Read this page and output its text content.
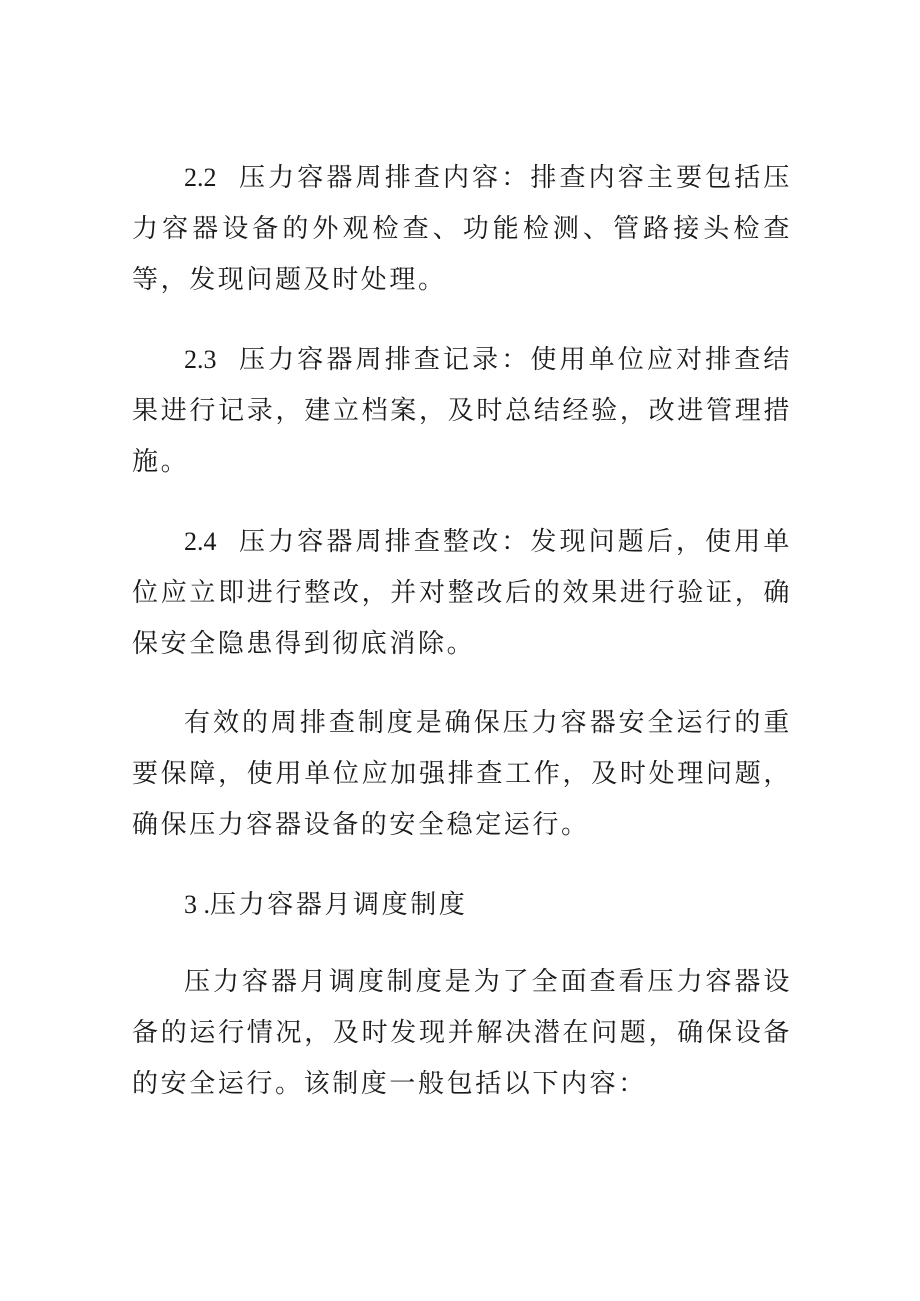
2.2 压力容器周排查内容：排查内容主要包括压力容器设备的外观检查、功能检测、管路接头检查等，发现问题及时处理。

2.3 压力容器周排查记录：使用单位应对排查结果进行记录，建立档案，及时总结经验，改进管理措施。

2.4 压力容器周排查整改：发现问题后，使用单位应立即进行整改，并对整改后的效果进行验证，确保安全隐患得到彻底消除。

有效的周排查制度是确保压力容器安全运行的重要保障，使用单位应加强排查工作，及时处理问题，确保压力容器设备的安全稳定运行。

3 .压力容器月调度制度

压力容器月调度制度是为了全面查看压力容器设备的运行情况，及时发现并解决潜在问题，确保设备的安全运行。该制度一般包括以下内容：
